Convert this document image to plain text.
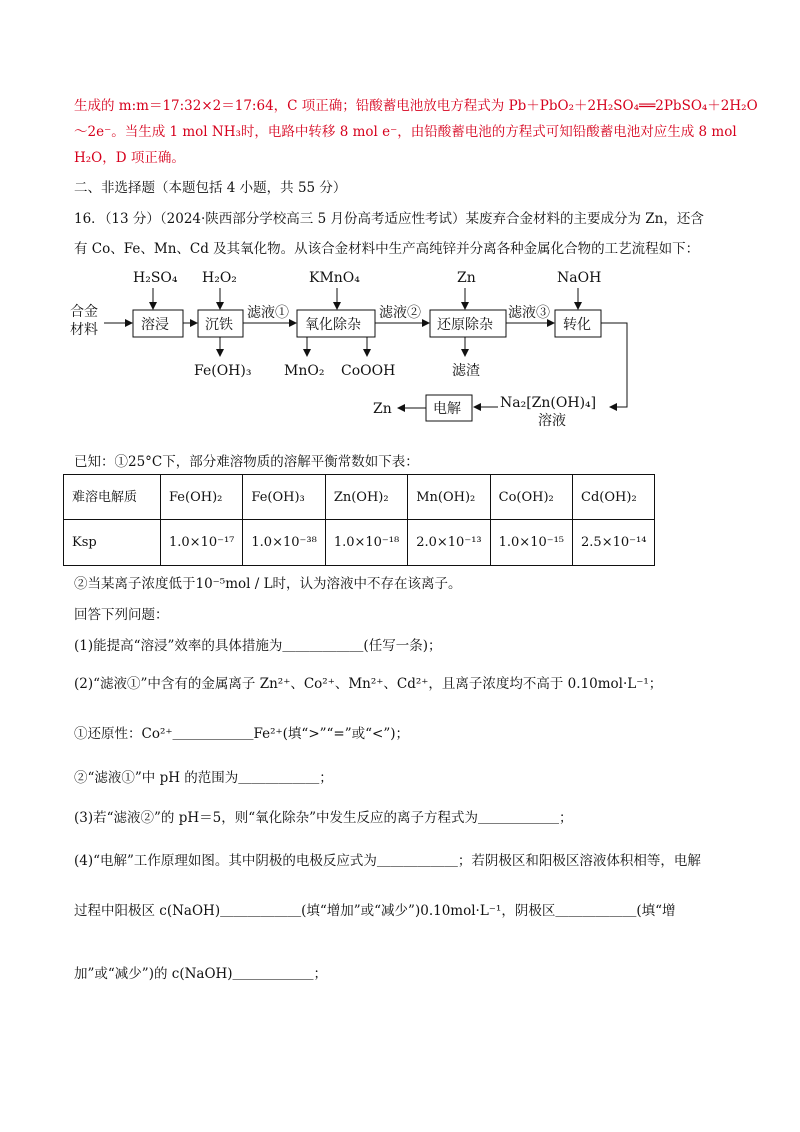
生成的 m:m＝17:32×2＝17:64，C 项正确；铅酸蓄电池放电方程式为 Pb＋PbO₂＋2H₂SO₄══2PbSO₄＋2H₂O
～2e⁻。当生成 1 mol NH₃时，电路中转移 8 mol e⁻，由铅酸蓄电池的方程式可知铅酸蓄电池对应生成 8 mol
H₂O，D 项正确。
二、非选择题（本题包括 4 小题，共 55 分）
16．（13 分）（2024·陕西部分学校高三 5 月份高考适应性考试）某废弃合金材料的主要成分为 Zn，还含
有 Co、Fe、Mn、Cd 及其氧化物。从该合金材料中生产高纯锌并分离各种金属化合物的工艺流程如下：
H₂SO₄ H₂O₂	KMnO₄	Zn	NaOH
合金
材料	溶浸	沉铁
滤液①
氧化除杂
滤液②
还原除杂
滤液③
转化
Fe(OH)₃ MnO₂ CoOOH	滤渣
Na₂[Zn(OH)₄]
溶液
电解
Zn
已知：①25°C下，部分难溶物质的溶解平衡常数如下表：
难溶电解质	Fe(OH)₂	Fe(OH)₃	Zn(OH)₂	Mn(OH)₂	Co(OH)₂	Cd(OH)₂
Ksp	1.0×10⁻¹⁷	1.0×10⁻³⁸	1.0×10⁻¹⁸	2.0×10⁻¹³	1.0×10⁻¹⁵	2.5×10⁻¹⁴
②当某离子浓度低于10⁻⁵mol / L时，认为溶液中不存在该离子。
回答下列问题：
(1)能提高“溶浸”效率的具体措施为＿＿＿＿＿＿(任写一条)；
(2)“滤液①”中含有的金属离子 Zn²⁺、Co²⁺、Mn²⁺、Cd²⁺，且离子浓度均不高于 0.10mol·L⁻¹；
①还原性：Co²⁺＿＿＿＿＿＿Fe²⁺(填“>”“=”或“<”)；
②“滤液①”中 pH 的范围为＿＿＿＿＿＿；
(3)若“滤液②”的 pH＝5，则“氧化除杂”中发生反应的离子方程式为＿＿＿＿＿＿；
(4)“电解”工作原理如图。其中阴极的电极反应式为＿＿＿＿＿＿；若阴极区和阳极区溶液体积相等，电解
过程中阳极区 c(NaOH)＿＿＿＿＿＿(填“增加”或“减少”)0.10mol·L⁻¹，阴极区＿＿＿＿＿＿(填“增
加”或“减少”)的 c(NaOH)＿＿＿＿＿＿；
